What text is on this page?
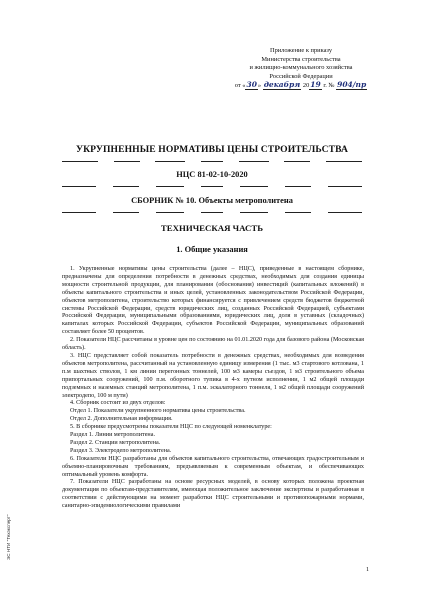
Приложение к приказу
Министерства строительства
и жилищно-коммунального хозяйства
Российской Федерации
от «30» декабря 2019 г. № 904/пр
УКРУПНЕННЫЕ НОРМАТИВЫ ЦЕНЫ СТРОИТЕЛЬСТВА
НЦС 81-02-10-2020
СБОРНИК № 10. Объекты метрополитена
ТЕХНИЧЕСКАЯ ЧАСТЬ
1. Общие указания

1. Укрупненные нормативы цены строительства (далее – НЦС), приведенные в настоящем сборнике, предназначены для определения потребности в денежных средствах, необходимых для создания единицы мощности строительной продукции, для планирования (обоснования) инвестиций (капитальных вложений) в объекты капитального строительства и иных целей, установленных законодательством Российской Федерации, объектов метрополитена, строительство которых финансируется с привлечением средств бюджетов бюджетной системы Российской Федерации, средств юридических лиц, созданных Российской Федерацией, субъектами Российской Федерации, муниципальными образованиями, юридических лиц, доля в уставных (складочных) капиталах которых Российской Федерации, субъектов Российской Федерации, муниципальных образований составляет более 50 процентов.

2. Показатели НЦС рассчитаны в уровне цен по состоянию на 01.01.2020 года для базового района (Московская область).

3. НЦС представляет собой показатель потребности в денежных средствах, необходимых для возведения объектов метрополитена, рассчитанный на установленную единицу измерения (1 тыс. м3 стартового котлована, 1 п.м шахтных стволов, 1 км линии перегонных тоннелей, 100 м3 камеры съездов, 1 м3 строительного объема припортальных сооружений, 100 п.м. оборотного тупика в 4-х путном исполнении, 1 м2 общей площади подземных и наземных станций метрополитена, 1 п.м. эскалаторного тоннеля, 1 м2 общей площади сооружений электродепо, 100 м пути)

4. Сборник состоит из двух отделов:

Отдел 1. Показатели укрупненного норматива цены строительства.

Отдел 2. Дополнительная информация.

5. В сборнике предусмотрены показатели НЦС по следующей номенклатуре:

Раздел 1. Линии метрополитена.

Раздел 2. Станции метрополитена.

Раздел 3. Электродепо метрополитена.

6. Показатели НЦС разработаны для объектов капитального строительства, отвечающих градостроительным и объемно-планировочным требованиям, предъявляемым к современным объектам, и обеспечивающих оптимальный уровень комфорта.

7. Показатели НЦС разработаны на основе ресурсных моделей, в основу которых положена проектная документация по объектам-представителям, имеющая положительное заключение экспертизы и разработанная в соответствии с действующими на момент разработки НЦС строительными и противопожарными нормами, санитарно-эпидемиологическими правилами

ЭС НТИ "Техэксперт"
1
